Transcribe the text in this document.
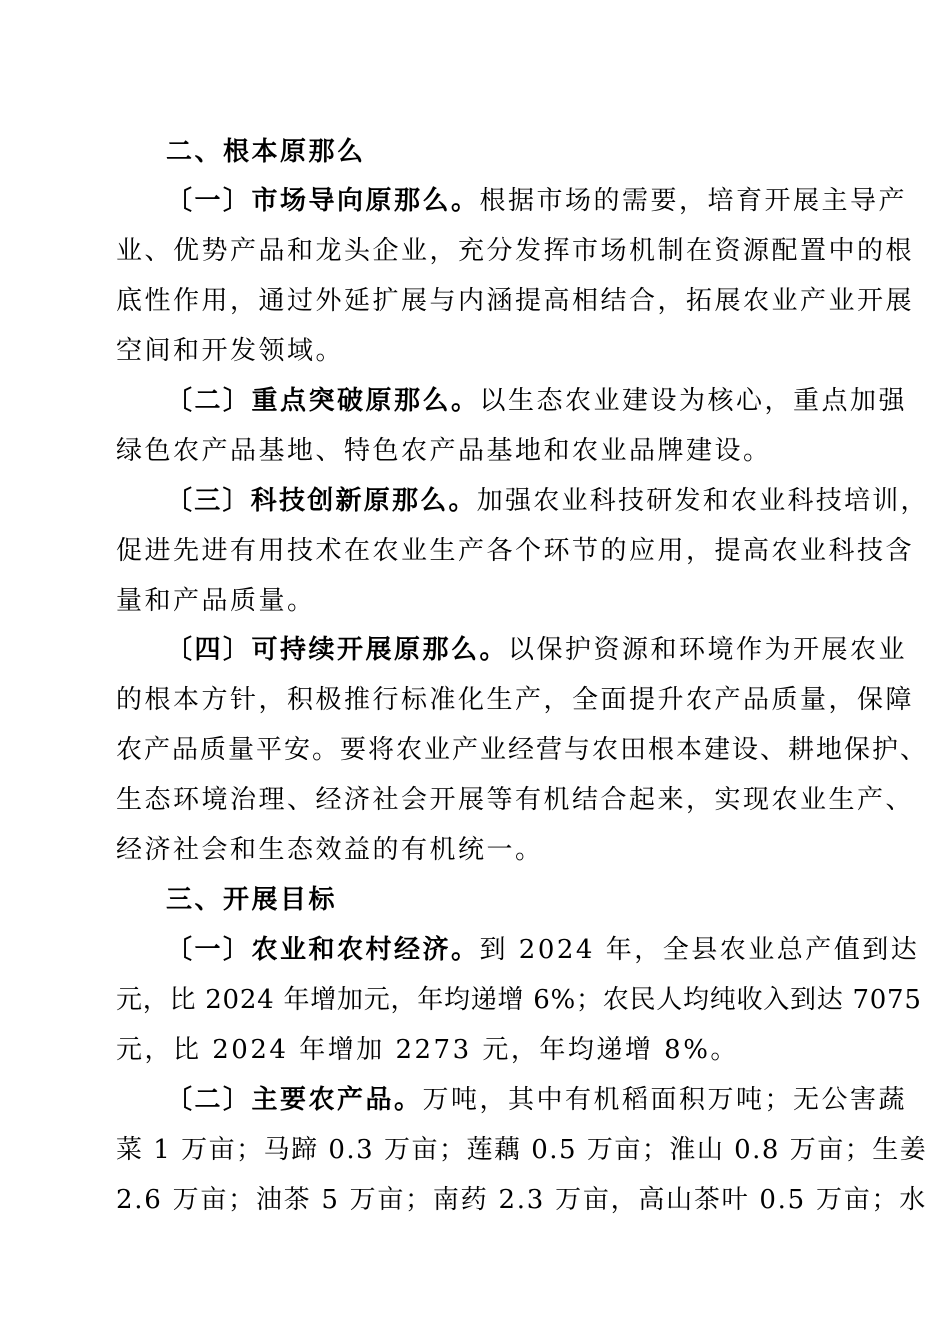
二、根本原那么
〔一〕市场导向原那么。根据市场的需要，培育开展主导产
业、优势产品和龙头企业，充分发挥市场机制在资源配置中的根
底性作用，通过外延扩展与内涵提高相结合，拓展农业产业开展
空间和开发领域。
〔二〕重点突破原那么。以生态农业建设为核心，重点加强
绿色农产品基地、特色农产品基地和农业品牌建设。
〔三〕科技创新原那么。加强农业科技研发和农业科技培训，
促进先进有用技术在农业生产各个环节的应用，提高农业科技含
量和产品质量。
〔四〕可持续开展原那么。以保护资源和环境作为开展农业
的根本方针，积极推行标准化生产，全面提升农产品质量，保障
农产品质量平安。要将农业产业经营与农田根本建设、耕地保护、
生态环境治理、经济社会开展等有机结合起来，实现农业生产、
经济社会和生态效益的有机统一。
三、开展目标
〔一〕农业和农村经济。到 2024 年，全县农业总产值到达
元，比 2024 年增加元，年均递增 6%；农民人均纯收入到达 7075
元，比 2024 年增加 2273 元，年均递增 8%。
〔二〕主要农产品。万吨，其中有机稻面积万吨；无公害蔬
菜 1 万亩；马蹄 0.3 万亩；莲藕 0.5 万亩；淮山 0.8 万亩；生姜
2.6 万亩；油茶 5 万亩；南药 2.3 万亩，高山茶叶 0.5 万亩；水
